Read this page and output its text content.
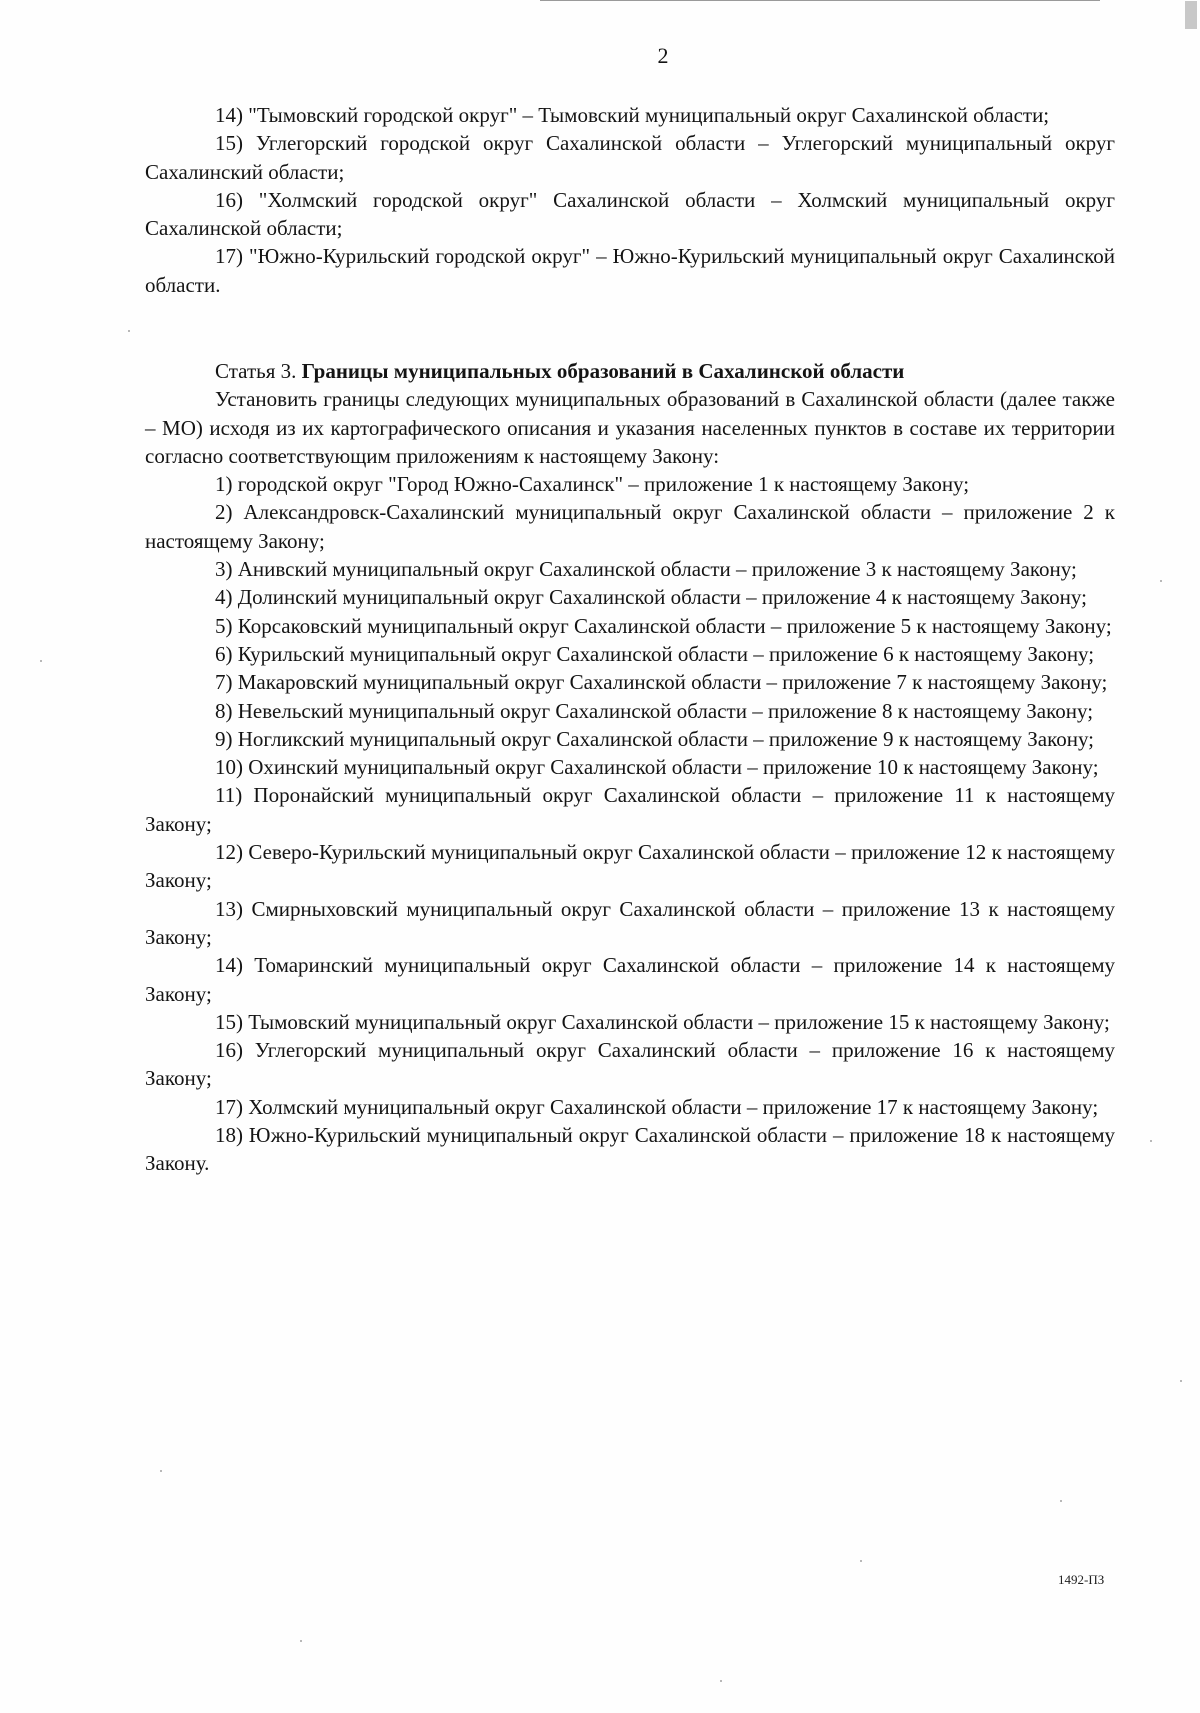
2

14) "Тымовский городской округ" – Тымовский муниципальный округ Сахалинской области;

15) Углегорский городской округ Сахалинской области – Углегорский муниципальный округ Сахалинский области;

16) "Холмский городской округ" Сахалинской области – Холмский муниципальный округ Сахалинской области;

17) "Южно-Курильский городской округ" – Южно-Курильский муниципальный округ Сахалинской области.

Статья 3. Границы муниципальных образований в Сахалинской области

Установить границы следующих муниципальных образований в Сахалинской области (далее также – МО) исходя из их картографического описания и указания населенных пунктов в составе их территории согласно соответствующим приложениям к настоящему Закону:

1) городской округ "Город Южно-Сахалинск" – приложение 1 к настоящему Закону;

2) Александровск-Сахалинский муниципальный округ Сахалинской области – приложение 2 к настоящему Закону;

3) Анивский муниципальный округ Сахалинской области – приложение 3 к настоящему Закону;

4) Долинский муниципальный округ Сахалинской области – приложение 4 к настоящему Закону;

5) Корсаковский муниципальный округ Сахалинской области – приложение 5 к настоящему Закону;

6) Курильский муниципальный округ Сахалинской области – приложение 6 к настоящему Закону;

7) Макаровский муниципальный округ Сахалинской области – приложение 7 к настоящему Закону;

8) Невельский муниципальный округ Сахалинской области – приложение 8 к настоящему Закону;

9) Ногликский муниципальный округ Сахалинской области – приложение 9 к настоящему Закону;

10) Охинский муниципальный округ Сахалинской области – приложение 10 к настоящему Закону;

11) Поронайский муниципальный округ Сахалинской области – приложение 11 к настоящему Закону;

12) Северо-Курильский муниципальный округ Сахалинской области – приложение 12 к настоящему Закону;

13) Смирныховский муниципальный округ Сахалинской области – приложение 13 к настоящему Закону;

14) Томаринский муниципальный округ Сахалинской области – приложение 14 к настоящему Закону;

15) Тымовский муниципальный округ Сахалинской области – приложение 15 к настоящему Закону;

16) Углегорский муниципальный округ Сахалинский области – приложение 16 к настоящему Закону;

17) Холмский муниципальный округ Сахалинской области – приложение 17 к настоящему Закону;

18) Южно-Курильский муниципальный округ Сахалинской области – приложение 18 к настоящему Закону.

1492-ПЗ
